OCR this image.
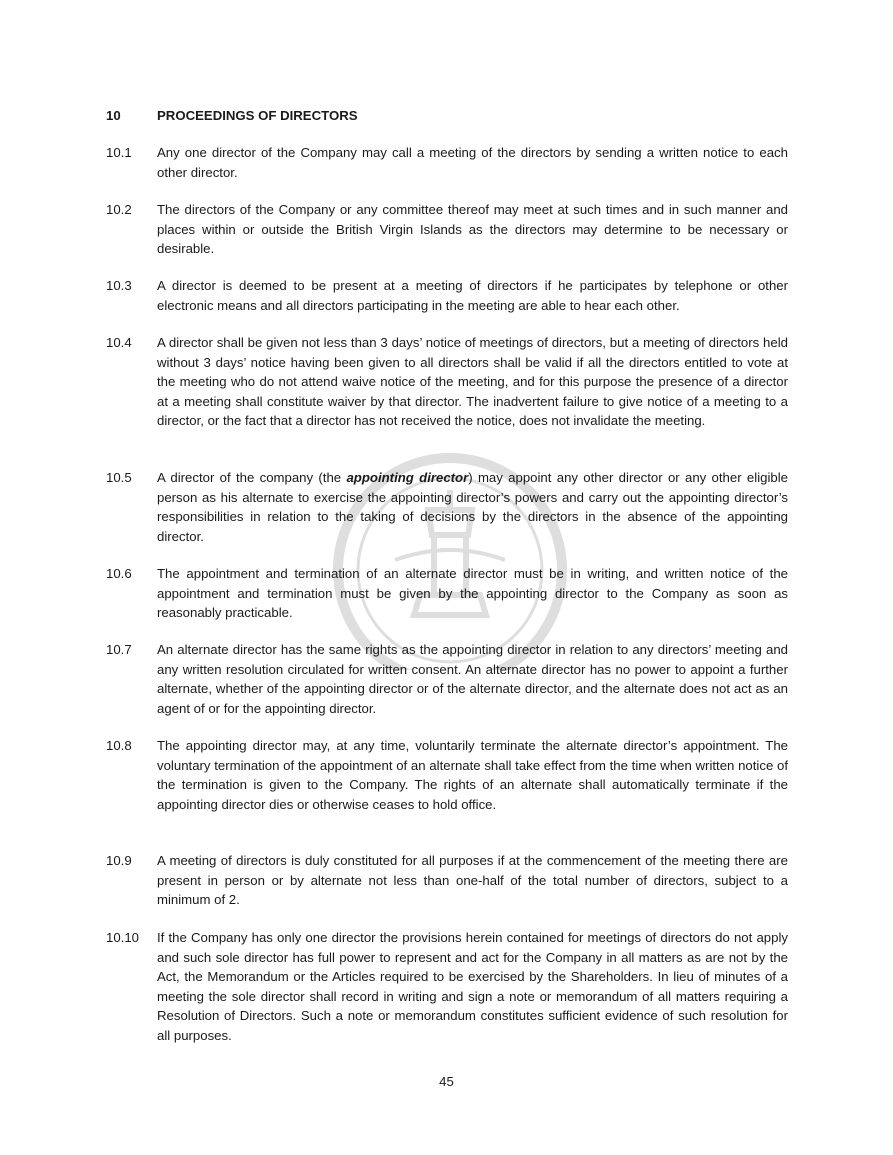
10	PROCEEDINGS OF DIRECTORS
10.1	Any one director of the Company may call a meeting of the directors by sending a written notice to each other director.
10.2	The directors of the Company or any committee thereof may meet at such times and in such manner and places within or outside the British Virgin Islands as the directors may determine to be necessary or desirable.
10.3	A director is deemed to be present at a meeting of directors if he participates by telephone or other electronic means and all directors participating in the meeting are able to hear each other.
10.4	A director shall be given not less than 3 days’ notice of meetings of directors, but a meeting of directors held without 3 days’ notice having been given to all directors shall be valid if all the directors entitled to vote at the meeting who do not attend waive notice of the meeting, and for this purpose the presence of a director at a meeting shall constitute waiver by that director. The inadvertent failure to give notice of a meeting to a director, or the fact that a director has not received the notice, does not invalidate the meeting.
10.5	A director of the company (the appointing director) may appoint any other director or any other eligible person as his alternate to exercise the appointing director’s powers and carry out the appointing director’s responsibilities in relation to the taking of decisions by the directors in the absence of the appointing director.
10.6	The appointment and termination of an alternate director must be in writing, and written notice of the appointment and termination must be given by the appointing director to the Company as soon as reasonably practicable.
10.7	An alternate director has the same rights as the appointing director in relation to any directors’ meeting and any written resolution circulated for written consent. An alternate director has no power to appoint a further alternate, whether of the appointing director or of the alternate director, and the alternate does not act as an agent of or for the appointing director.
10.8	The appointing director may, at any time, voluntarily terminate the alternate director’s appointment. The voluntary termination of the appointment of an alternate shall take effect from the time when written notice of the termination is given to the Company. The rights of an alternate shall automatically terminate if the appointing director dies or otherwise ceases to hold office.
10.9	A meeting of directors is duly constituted for all purposes if at the commencement of the meeting there are present in person or by alternate not less than one-half of the total number of directors, subject to a minimum of 2.
10.10	If the Company has only one director the provisions herein contained for meetings of directors do not apply and such sole director has full power to represent and act for the Company in all matters as are not by the Act, the Memorandum or the Articles required to be exercised by the Shareholders. In lieu of minutes of a meeting the sole director shall record in writing and sign a note or memorandum of all matters requiring a Resolution of Directors. Such a note or memorandum constitutes sufficient evidence of such resolution for all purposes.
45
